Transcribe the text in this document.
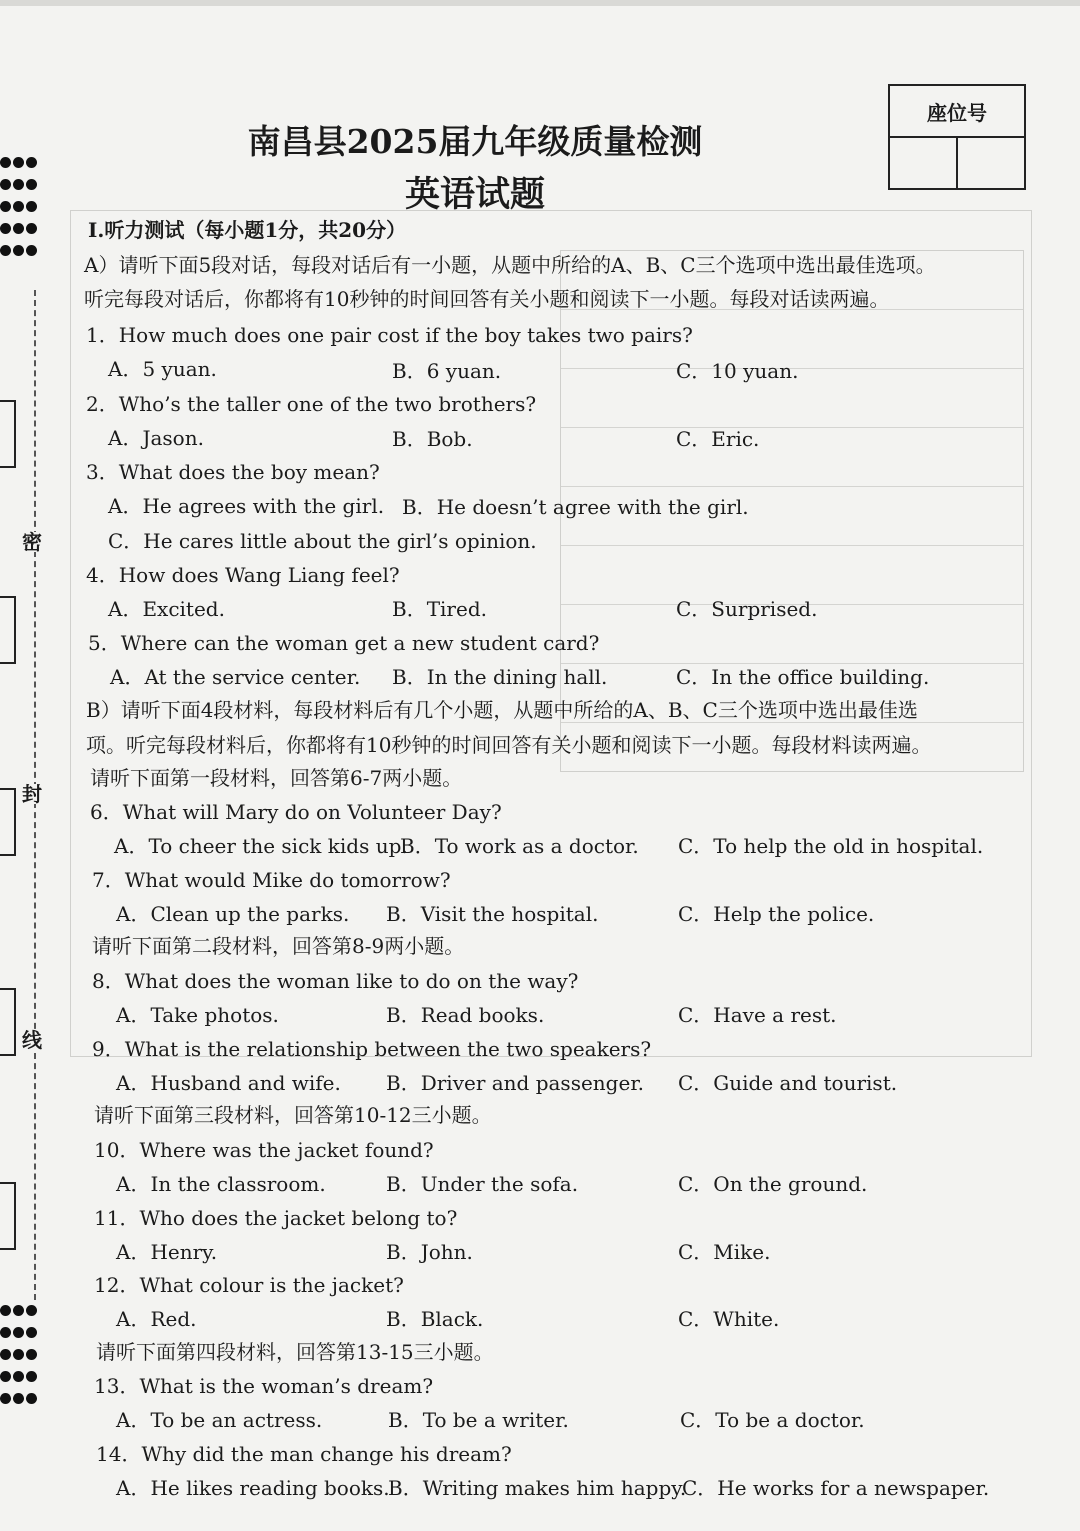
密
封
线
座位号
南昌县2025届九年级质量检测
英语试题
Ⅰ.听力测试（每小题1分，共20分）
A）请听下面5段对话，每段对话后有一小题，从题中所给的A、B、C三个选项中选出最佳选项。
听完每段对话后，你都将有10秒钟的时间回答有关小题和阅读下一小题。每段对话读两遍。
1．How much does one pair cost if the boy takes two pairs?
A．5 yuan.	B．6 yuan.	C．10 yuan.
2．Who’s the taller one of the two brothers?
A．Jason.	B．Bob.	C．Eric.
3．What does the boy mean?
A．He agrees with the girl. B．He doesn’t agree with the girl.
C．He cares little about the girl’s opinion.
4．How does Wang Liang feel?
A．Excited.	B．Tired.	C．Surprised.
5．Where can the woman get a new student card?
A．At the service center. B．In the dining hall.	C．In the office building.
B）请听下面4段材料，每段材料后有几个小题，从题中所给的A、B、C三个选项中选出最佳选
项。听完每段材料后，你都将有10秒钟的时间回答有关小题和阅读下一小题。每段材料读两遍。
请听下面第一段材料，回答第6-7两小题。
6．What will Mary do on Volunteer Day?
A．To cheer the sick kids up.
B．To work as a doctor. C．To help the old in hospital.
7．What would Mike do tomorrow?
A．Clean up the parks. B．Visit the hospital.	C．Help the police.
请听下面第二段材料，回答第8-9两小题。
8．What does the woman like to do on the way?
A．Take photos.	B．Read books.	C．Have a rest.
9．What is the relationship between the two speakers?
A．Husband and wife. B．Driver and passenger. C．Guide and tourist.
请听下面第三段材料，回答第10-12三小题。
10．Where was the jacket found?
A．In the classroom.	B．Under the sofa.	C．On the ground.
11．Who does the jacket belong to?
A．Henry.	B．John.	C．Mike.
12．What colour is the jacket?
A．Red.	B．Black.	C．White.
请听下面第四段材料，回答第13-15三小题。
13．What is the woman’s dream?
A．To be an actress.	B．To be a writer.	C．To be a doctor.
14．Why did the man change his dream?
A．He likes reading books.
B．Writing makes him happy.
C．He works for a newspaper.
